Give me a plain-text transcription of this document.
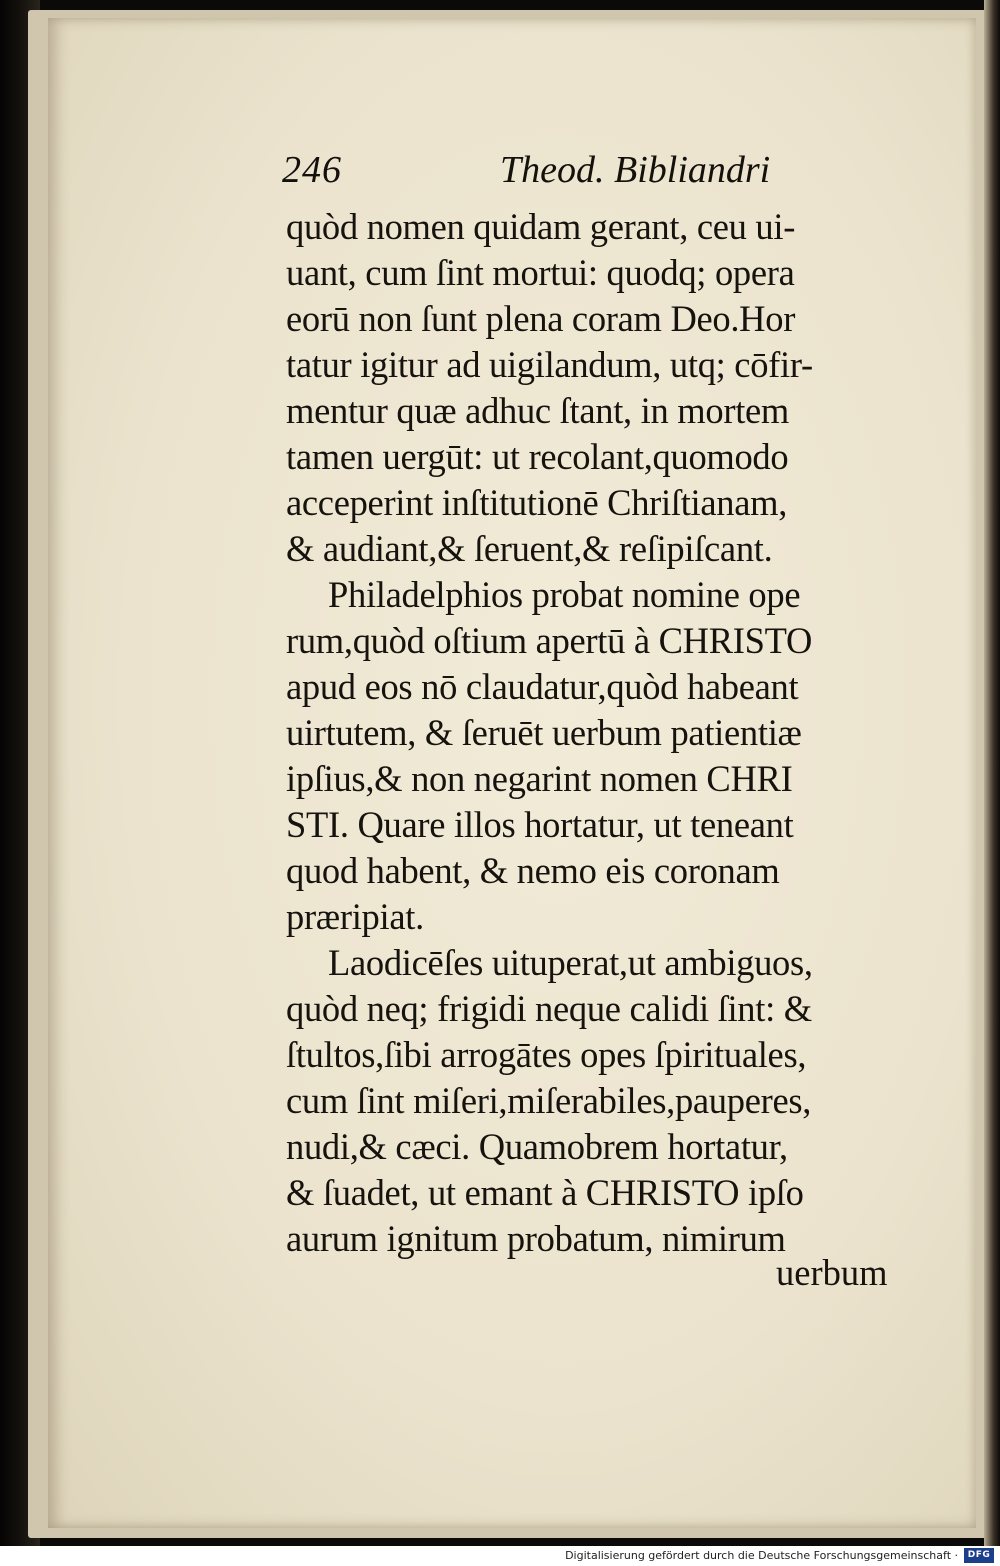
246	Theod. Bibliandri
quòd nomen quidam gerant, ceu ui-
uant, cum ſint mortui: quodq; opera
eorū non ſunt plena coram Deo.Hor
tatur igitur ad uigilandum, utq; cōfir-
mentur quæ adhuc ſtant, in mortem
tamen uergūt: ut recolant,quomodo
acceperint inſtitutionē Chriſtianam,
& audiant,& ſeruent,& reſipiſcant.
Philadelphios probat nomine ope
rum,quòd oſtium apertū à CHRISTO
apud eos nō claudatur,quòd habeant
uirtutem, & ſeruēt uerbum patientiæ
ipſius,& non negarint nomen CHRI
STI. Quare illos hortatur, ut teneant
quod habent, & nemo eis coronam
præripiat.
Laodicēſes uituperat,ut ambiguos,
quòd neq; frigidi neque calidi ſint: &
ſtultos,ſibi arrogātes opes ſpirituales,
cum ſint miſeri,miſerabiles,pauperes,
nudi,& cæci. Quamobrem hortatur,
& ſuadet, ut emant à CHRISTO ipſo
aurum ignitum probatum, nimirum
uerbum
Digitalisierung gefördert durch die Deutsche Forschungsgemeinschaft ·	DFG
